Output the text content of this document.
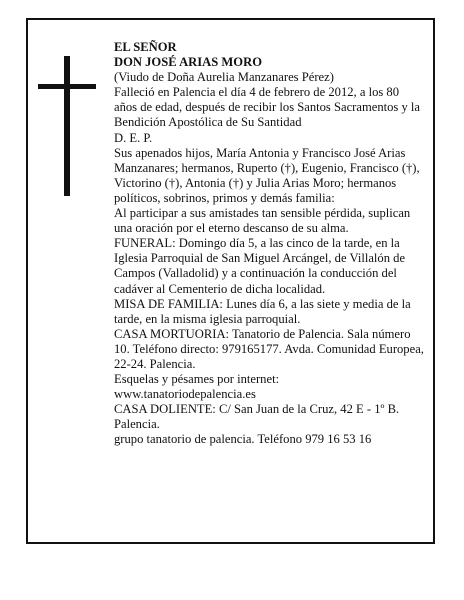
EL SEÑOR

DON JOSÉ ARIAS MORO

(Viudo de Doña Aurelia Manzanares Pérez)

Falleció en Palencia el día 4 de febrero de 2012, a los 80 años de edad, después de recibir los Santos Sacramentos y la Bendición Apostólica de Su Santidad

D. E. P.

Sus apenados hijos, María Antonia y Francisco José Arias Manzanares; hermanos, Ruperto (†), Eugenio, Francisco (†), Victorino (†), Antonia (†) y Julia Arias Moro; hermanos políticos, sobrinos, primos y demás familia:

Al participar a sus amistades tan sensible pérdida, suplican una oración por el eterno descanso de su alma.

FUNERAL: Domingo día 5, a las cinco de la tarde, en la Iglesia Parroquial de San Miguel Arcángel, de Villalón de Campos (Valladolid) y a continuación la conducción del cadáver al Cementerio de dicha localidad.

MISA DE FAMILIA: Lunes día 6, a las siete y media de la tarde, en la misma iglesia parroquial.

CASA MORTUORIA: Tanatorio de Palencia. Sala número 10. Teléfono directo: 979165177. Avda. Comunidad Europea, 22-24. Palencia.

Esquelas y pésames por internet:

www.tanatoriodepalencia.es

CASA DOLIENTE: C/ San Juan de la Cruz, 42 E - 1º B. Palencia.

grupo tanatorio de palencia. Teléfono 979 16 53 16
